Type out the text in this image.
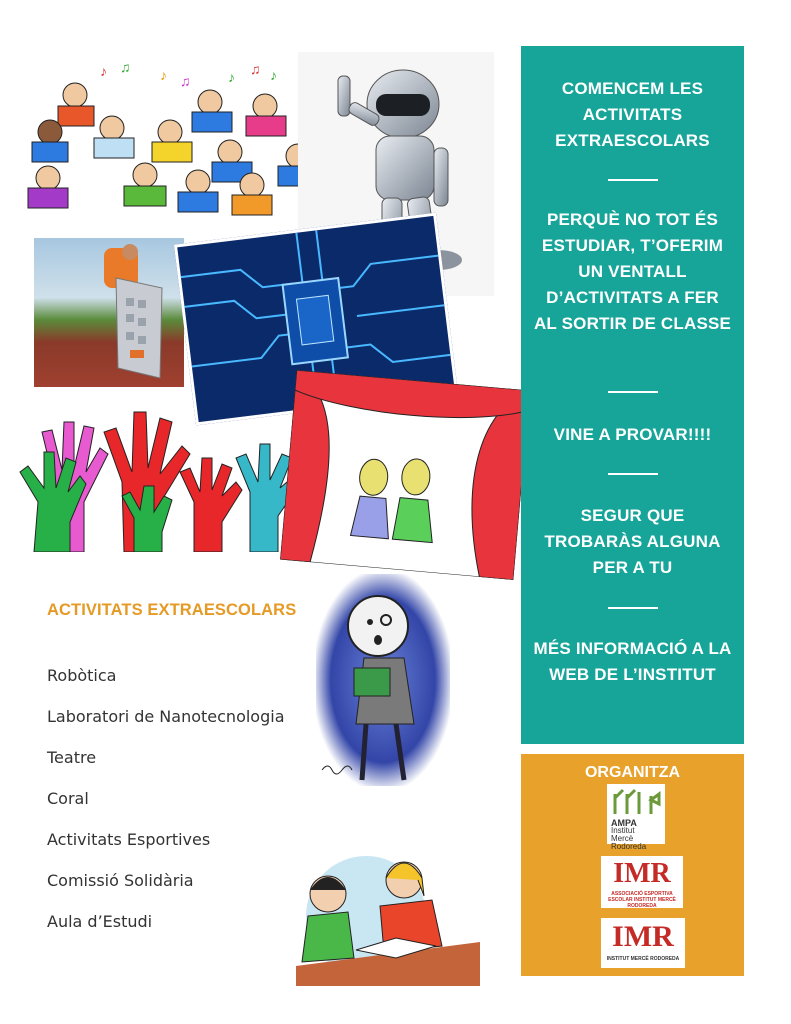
♪ ♫ ♪ ♫	♪ ♫ ♪
COMENCEM LES ACTIVITATS EXTRAESCOLARS
PERQUÈ NO TOT ÉS ESTUDIAR, T’OFERIM UN VENTALL D’ACTIVITATS A FER AL SORTIR DE CLASSE
VINE A PROVAR!!!!
SEGUR QUE TROBARÀS ALGUNA PER A TU
MÉS INFORMACIÓ A LA WEB DE L’INSTITUT
ORGANITZA
AMPA
Institut
Mercè Rodoreda
IMR
ASSOCIACIÓ ESPORTIVA ESCOLAR INSTITUT MERCÈ RODOREDA
IMR
INSTITUT MERCÈ RODOREDA
ACTIVITATS EXTRAESCOLARS
Robòtica
Laboratori de Nanotecnologia
Teatre
Coral
Activitats Esportives
Comissió Solidària
Aula d’Estudi
